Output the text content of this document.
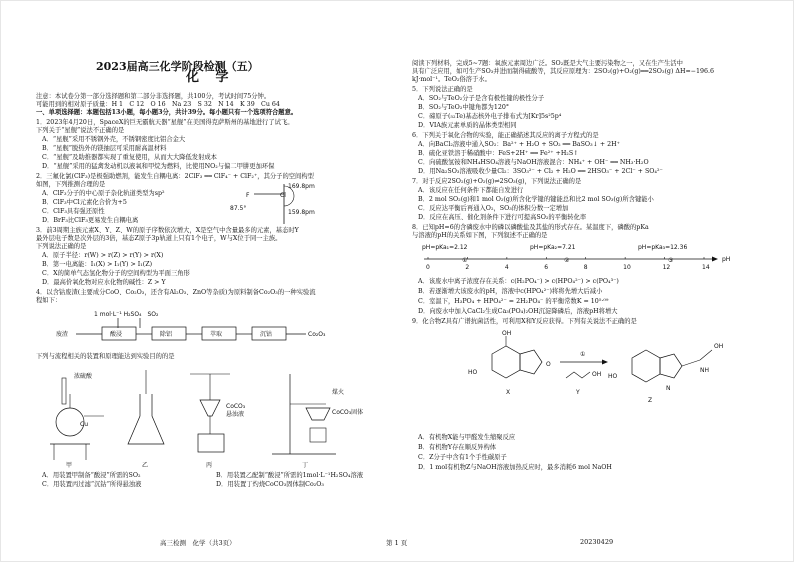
2023届高三化学阶段检测（五）
化 学
注意：本试卷分第一部分选择题和第二部分非选择题，共100分，考试时间75分钟。
可能用到的相对原子质量：H 1　C 12　O 16　Na 23　S 32　N 14　K 39　Cu 64
一、单项选择题：本题包括13小题，每小题3分，共计39分。每小题只有一个选项符合题意。
1．2023年4月20日，SpaceX的巨无霸航天器“星舰”在美国得克萨斯州的基地进行了试飞。
下列关于“星舰”说法不正确的是
A．“星舰”采用不锈钢外壳，不锈钢密度比铝合金大
B．“星舰”脱热外的镁抽层可采用耐高温材料
C．“星舰”及助推器都实现了重复使用，从而大大降低发射成本
D．“星舰”采用的猛禽发动机以液氧和甲烷为燃料，比使用NO₂与偏二甲肼更加环保
2．三氟化氯(ClF₃)是极强助燃剂，能发生自耦电离：2ClF₃ ══ ClF₄⁻ + ClF₂⁺，其分子的空间构型
如图，下列推测合理的是
A．ClF₃分子的中心原子杂化轨道类型为sp²
B．ClF₃中Cl元素化合价为+5
C．ClF₃具有强还原性
D．BrF₃比ClF₃更易发生自耦电离
F	Cl
169.8pm
159.8pm
87.5°
3．前3周期主族元素X、Y、Z、W的原子序数依次增大，X是空气中含量最多的元素，基态时Y
最外层电子数是次外层的3倍，基态Z原子3p轨道上只有1个电子，W与X位于同一主族。
下列说法正确的是
A．原子半径：r(W) > r(Z) > r(Y) > r(X)
B．第一电离能：I₁(X) > I₁(Y) > I₁(Z)
C．X的简单气态氢化物分子的空间构型为平面三角形
D．最高价氧化物对应水化物的碱性：Z > Y
4．以含钴废渣(主要成分CoO、Co₂O₃，还含有Al₂O₃、ZnO等杂质)为原料制备Co₂O₃的一种实验流
程如下：
1 mol·L⁻¹ H₂SO₄　SO₂
废渣	酸浸	除铝	萃取	沉钴	Co₂O₃
下列与流程相关的装置和原理能达到实验目的的是
浓硫酸
Cu
甲	乙
CoCO₃
悬浊液
丙
煤火
CoCO₃固体
丁
A．用装置甲制备“酸浸”所需的SO₂	B．用装置乙配制“酸浸”所需的1mol·L⁻¹H₂SO₄溶液
C．用装置丙过滤“沉钴”所得悬浊液	D．用装置丁灼烧CoCO₃固体制Co₂O₃
阅读下列材料，完成5~7题：氧族元素周边广泛。SO₂既是大气主要污染物之一，又在生产生活中
具有广泛应用，如可生产SO₃并进而制得硫酸等，其反应原理为：2SO₂(g)+O₂(g)══2SO₃(g) ΔH=−196.6
kJ·mol⁻¹。TeO₂俗溶于水。
5．下列说法正确的是
A．SO₂与TeO₂分子是含有极性键的极性分子
B．SO₂与TeO₂中键角都为120°
C．碲原子(₅₂Te)基态核外电子排布式为[Kr]5s²5p⁴
D．VIA族元素单质的晶体类型相同
6．下列关于氧化合物的实验，能正确描述其反应的离子方程式的是
A．向BaCl₂溶液中通入SO₂：Ba²⁺ + H₂O + SO₂ ══ BaSO₃↓ + 2H⁺
B．硫化亚铁溶于稀硝酸中：FeS+2H⁺ ══ Fe²⁺ +H₂S↑
C．向硫酸氢铵和NH₄HSO₄溶液与NaOH溶液混合：NH₄⁺ + OH⁻ ══ NH₃·H₂O
D．用Na₂SO₃溶液吸收少量Cl₂：3SO₃²⁻ + Cl₂ + H₂O ══ 2HSO₃⁻ + 2Cl⁻ + SO₄²⁻
7．对于反应2SO₂(g)+O₂(g)⇌2SO₃(g)，下列说法正确的是
A．该反应在任何条件下都能自发进行
B．2 mol SO₂(g)和1 mol O₂(g)所含化学键的键能总和比2 mol SO₃(g)所含键能小
C．反应达平衡后再通入O₂，SO₃的体积分数一定增加
D．反应在高压、催化剂条件下进行可提高SO₂的平衡转化率
8．已知pH=6的含磷废水中的磷以磷酸盐及其盐的形式存在。某温度下，磷酸的pKa
与溶液的pH的关系如下图，下列叙述不正确的是
pH=pKa₁=2.12	pH=pKa₂=7.21	pH=pKa₃=12.36
pH
0	2	4	6	8	10	12	14
①	②	③
A．该废水中离子浓度存在关系：c(H₂PO₄⁻) > c(HPO₄²⁻) > c(PO₄³⁻)
B．若逐渐增大该废水的pH，溶液中c(HPO₄²⁻)将将先增大后减小
C．室温下，H₃PO₄ + HPO₄²⁻ = 2H₂PO₄⁻ 的平衡常数K = 10⁵·⁰⁹
D．向废水中加入CaCl₂生成Ca₃(PO₄)₂OH沉淀降磷后，溶液pH将增大
9．化合物Z具有广谱抗菌活性，可利用X和Y反应获得。下列有关说法不正确的是
OH
HO
O
X
①
OH
Y
OH
NH
HO
N
Z
A．有机物X能与甲醛发生缩聚反应
B．有机物Y存在顺反异构体
C．Z分子中含有1个手性碳原子
D．1 mol有机物Z与NaOH溶液加热反应时，最多消耗6 mol NaOH
高三检测　化学（共3页）	第 1 页	20230429
